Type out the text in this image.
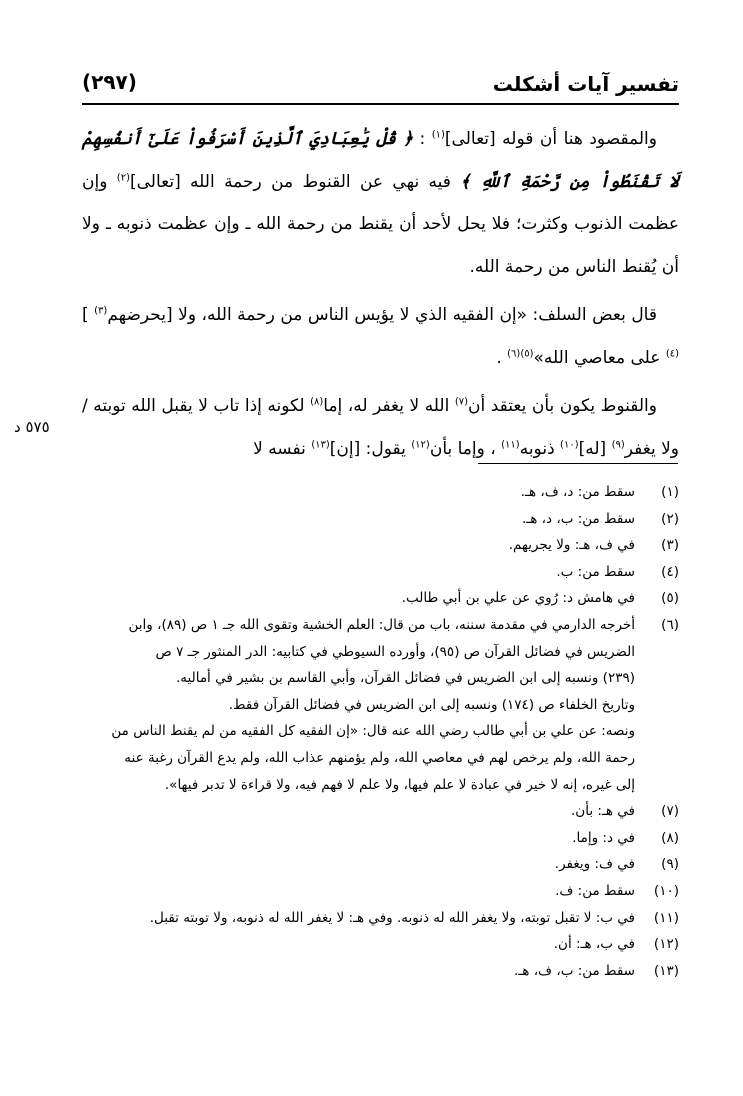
تفسير آيات أشكلت
(٢٩٧)

والمقصود هنا أن قوله [تعالى]$^{(١)}$ : ﴿ قُلْ يَٰعِبَادِيَ ٱلَّذِينَ أَسْرَفُواْ عَلَىٰٓ أَنفُسِهِمْ لَا تَقْنَطُواْ مِن رَّحْمَةِ ٱللَّهِ ﴾ فيه نهي عن القنوط من رحمة الله [تعالى]$^{(٢)}$ وإن عظمت الذنوب وكثرت؛ فلا يحل لأحد أن يقنط من رحمة الله ـ وإن عظمت ذنوبه ـ ولا أن يُقنط الناس من رحمة الله.

قال بعض السلف: «إن الفقيه الذي لا يؤيس الناس من رحمة الله، ولا [يحرضهم$^{(٣)}$ ]$^{(٤)}$ على معاصي الله»$^{(٥)(٦)}$ .

والقنوط يكون بأن يعتقد أن$^{(٧)}$ الله لا يغفر له، إما$^{(٨)}$ لكونه إذا تاب لا يقبل الله توبته / ولا يغفر$^{(٩)}$ [له]$^{(١٠)}$ ذنوبه$^{(١١)}$ ، وإما بأن$^{(١٢)}$ يقول: [إن]$^{(١٣)}$ نفسه لا

٥٧٥ د
(١)
سقط من: د، ف، هـ.
(٢)
سقط من: ب، د، هـ.
(٣)
في ف، هـ: ولا يجريهم.
(٤)
سقط من: ب.
(٥)
في هامش د: رُوي عن علي بن أبي طالب.
(٦)
أخرجه الدارمي في مقدمة سننه، باب من قال: العلم الخشية وتقوى الله جـ ١ ص (٨٩)، وابن
الضريس في فضائل القرآن ص (٩٥)، وأورده السيوطي في كتابيه: الدر المنثور جـ ٧ ص
(٢٣٩) ونسبه إلى ابن الضريس في فضائل القرآن، وأبي القاسم بن بشير في أماليه.
وتاريخ الخلفاء ص (١٧٤) ونسبه إلى ابن الضريس في فضائل القرآن فقط.
ونصه: عن علي بن أبي طالب رضي الله عنه قال: «إن الفقيه كل الفقيه من لم يقنط الناس من
رحمة الله، ولم يرخص لهم في معاصي الله، ولم يؤمنهم عذاب الله، ولم يدع القرآن رغبة عنه
إلى غيره، إنه لا خير في عبادة لا علم فيها، ولا علم لا فهم فيه، ولا قراءة لا تدبر فيها».
(٧)
في هـ: بأن.
(٨)
في د: وإما.
(٩)
في ف: ويغفر.
(١٠)
سقط من: ف.
(١١)
في ب: لا تقبل توبته، ولا يغفر الله له ذنوبه. وفي هـ: لا يغفر الله له ذنوبه، ولا توبته تقبل.
(١٢)
في ب، هـ: أن.
(١٣)
سقط من: ب، ف، هـ.
